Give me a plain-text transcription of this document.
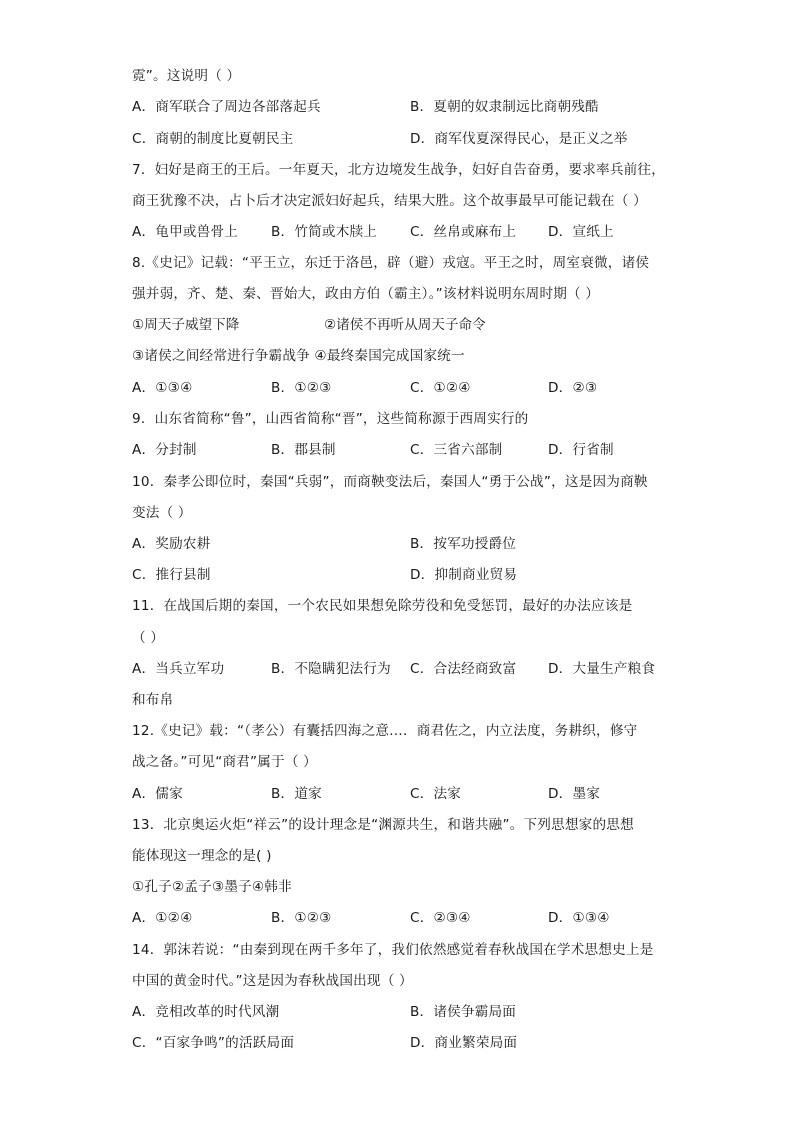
霓”。这说明（ ）
A．商军联合了周边各部落起兵	B．夏朝的奴隶制远比商朝残酷
C．商朝的制度比夏朝民主	D．商军伐夏深得民心，是正义之举
7．妇好是商王的王后。一年夏天，北方边境发生战争，妇好自告奋勇，要求率兵前往，
商王犹豫不决，占卜后才决定派妇好起兵，结果大胜。这个故事最早可能记载在（ ）
A．龟甲或兽骨上 B．竹简或木牍上 C．丝帛或麻布上 D．宣纸上
8.《史记》记载：“平王立，东迁于洛邑，辟（避）戎寇。平王之时，周室衰微，诸侯
强并弱，齐、楚、秦、晋始大，政由方伯（霸主）。”该材料说明东周时期（ ）
①周天子威望下降	②诸侯不再听从周天子命令
③诸侯之间经常进行争霸战争 ④最终秦国完成国家统一
A．①③④	B．①②③	C．①②④	D．②③
9．山东省简称“鲁”，山西省简称“晋”，这些简称源于西周实行的
A．分封制	B．郡县制	C．三省六部制	D．行省制
10．秦孝公即位时，秦国“兵弱”，而商鞅变法后，秦国人“勇于公战”，这是因为商鞅
变法（ ）
A．奖励农耕	B．按军功授爵位
C．推行县制	D．抑制商业贸易
11．在战国后期的秦国，一个农民如果想免除劳役和免受惩罚，最好的办法应该是
（ ）
A．当兵立军功	B．不隐瞒犯法行为 C．合法经商致富 D．大量生产粮食
和布帛
12.《史记》载：“（孝公）有囊括四海之意…．商君佐之，内立法度，务耕织，修守
战之备。”可见“商君”属于（ ）
A．儒家	B．道家	C．法家	D．墨家
13．北京奥运火炬“祥云”的设计理念是“渊源共生，和谐共融”。下列思想家的思想
能体现这一理念的是( )
①孔子②孟子③墨子④韩非
A．①②④	B．①②③	C．②③④	D．①③④
14．郭沫若说：“由秦到现在两千多年了，我们依然感觉着春秋战国在学术思想史上是
中国的黄金时代。”这是因为春秋战国出现（ ）
A．竞相改革的时代风潮	B．诸侯争霸局面
C．“百家争鸣”的活跃局面	D．商业繁荣局面
